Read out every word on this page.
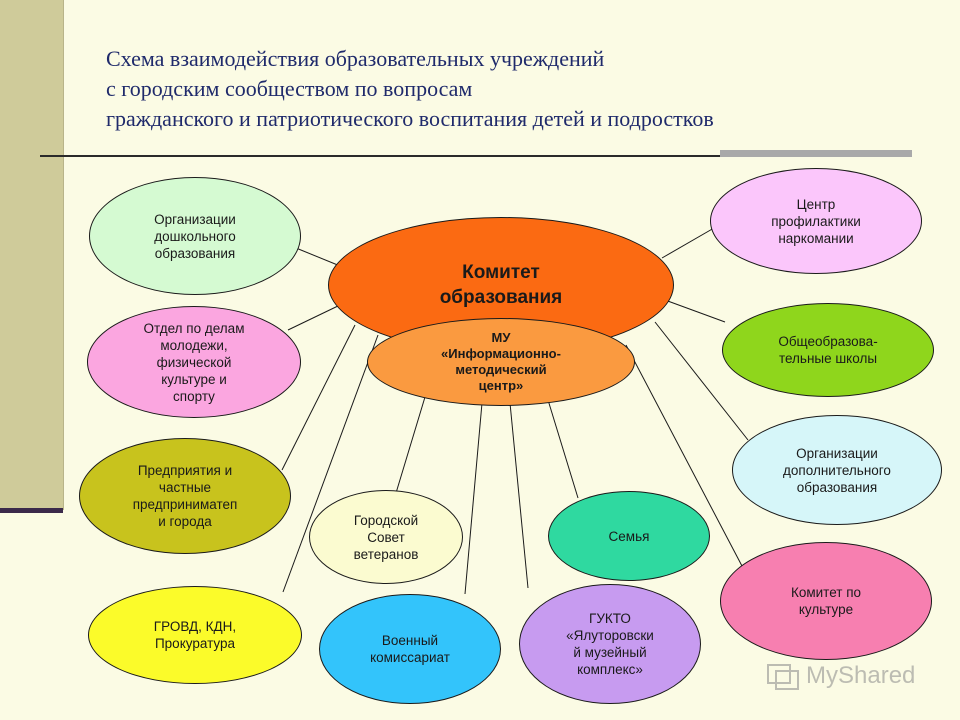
Схема взаимодействия образовательных учреждений
с городским сообществом по вопросам
гражданского и патриотического воспитания детей и подростков
Комитет
образования
МУ
«Информационно-
методический
центр»
Организации
дошкольного
образования
Отдел по делам
молодежи,
физической
культуре и
спорту
Предприятия и
частные
предприниматеп
и города
ГРОВД, КДН,
Прокуратура
Городской
Совет
ветеранов
Военный
комиссариат
ГУКТО
«Ялуторовски
й музейный
комплекс»
Семья
Центр
профилактики
наркомании
Общеобразова-
тельные школы
Организации
дополнительного
образования
Комитет по
культуре
MyShared
